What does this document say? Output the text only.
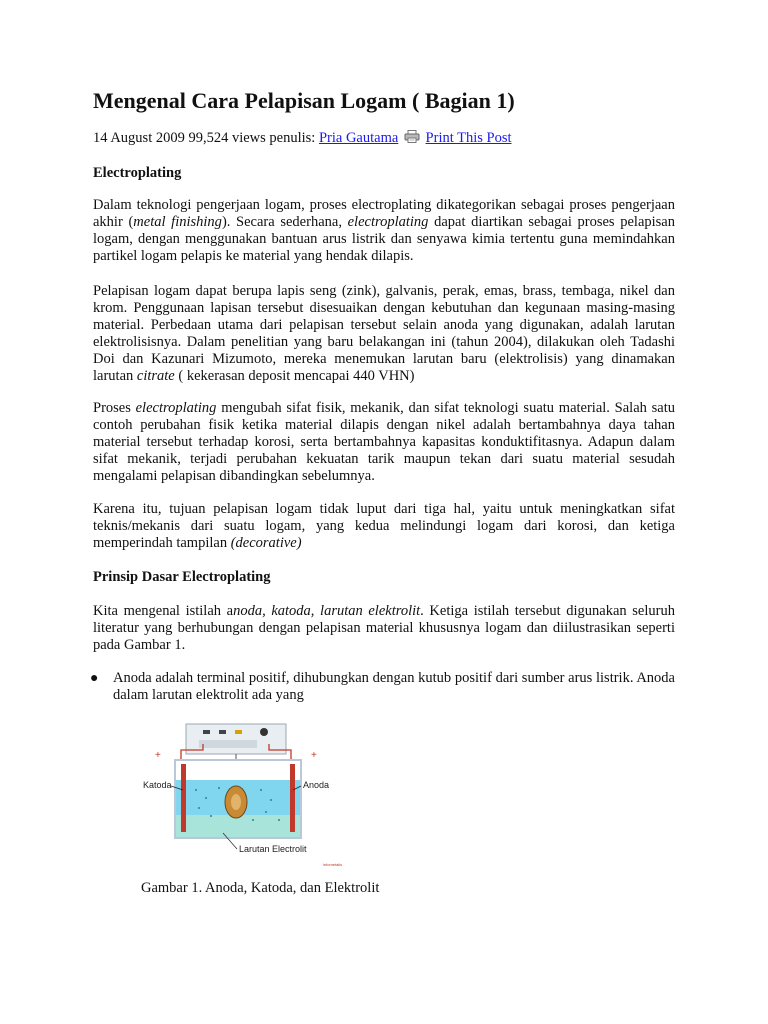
Mengenal Cara Pelapisan Logam ( Bagian 1)

14 August 2009 99,524 views penulis: Pria Gautama Print This Post

Electroplating

Dalam teknologi pengerjaan logam, proses electroplating dikategorikan sebagai proses pengerjaan akhir (metal finishing). Secara sederhana, electroplating dapat diartikan sebagai proses pelapisan logam, dengan menggunakan bantuan arus listrik dan senyawa kimia tertentu guna memindahkan partikel logam pelapis ke material yang hendak dilapis.

Pelapisan logam dapat berupa lapis seng (zink), galvanis, perak, emas, brass, tembaga, nikel dan krom. Penggunaan lapisan tersebut disesuaikan dengan kebutuhan dan kegunaan masing-masing material. Perbedaan utama dari pelapisan tersebut selain anoda yang digunakan, adalah larutan elektrolisisnya. Dalam penelitian yang baru belakangan ini (tahun 2004), dilakukan oleh Tadashi Doi dan Kazunari Mizumoto, mereka menemukan larutan baru (elektrolisis) yang dinamakan larutan citrate ( kekerasan deposit mencapai 440 VHN)

Proses electroplating mengubah sifat fisik, mekanik, dan sifat teknologi suatu material. Salah satu contoh perubahan fisik ketika material dilapis dengan nikel adalah bertambahnya daya tahan material tersebut terhadap korosi, serta bertambahnya kapasitas konduktifitasnya. Adapun dalam sifat mekanik, terjadi perubahan kekuatan tarik maupun tekan dari suatu material sesudah mengalami pelapisan dibandingkan sebelumnya.

Karena itu, tujuan pelapisan logam tidak luput dari tiga hal, yaitu untuk meningkatkan sifat teknis/mekanis dari suatu logam, yang kedua melindungi logam dari korosi, dan ketiga memperindah tampilan (decorative)

Prinsip Dasar Electroplating

Kita mengenal istilah anoda, katoda, larutan elektrolit. Ketiga istilah tersebut digunakan seluruh literatur yang berhubungan dengan pelapisan material khususnya logam dan diilustrasikan seperti pada Gambar 1.

● Anoda adalah terminal positif, dihubungkan dengan kutub positif dari sumber arus listrik. Anoda dalam larutan elektrolit ada yang

+	+
Katoda	Anoda
Larutan Electrolit
infometalis

Gambar 1. Anoda, Katoda, dan Elektrolit
